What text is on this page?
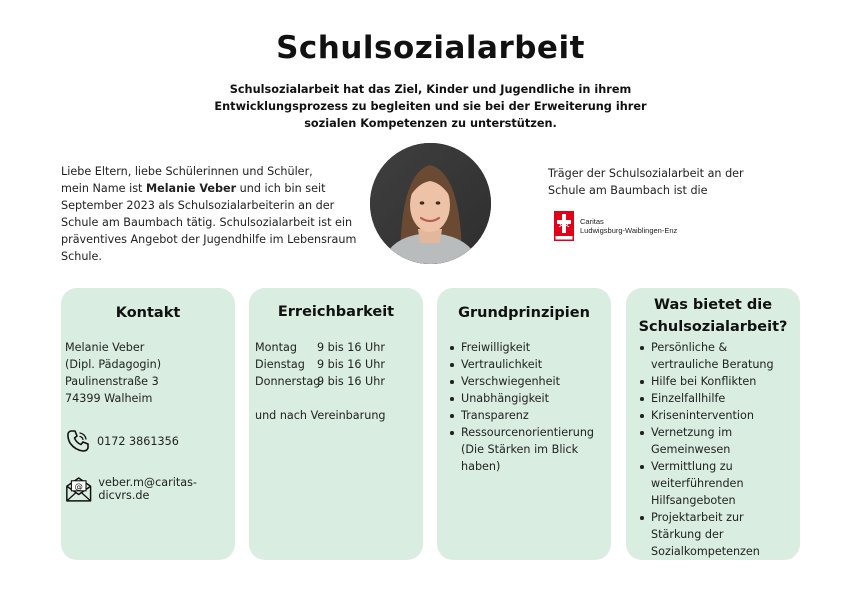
Schulsozialarbeit
Schulsozialarbeit hat das Ziel, Kinder und Jugendliche in ihrem Entwicklungsprozess zu begleiten und sie bei der Erweiterung ihrer sozialen Kompetenzen zu unterstützen.
Liebe Eltern, liebe Schülerinnen und Schüler,
mein Name ist Melanie Veber und ich bin seit September 2023 als Schulsozialarbeiterin an der Schule am Baumbach tätig. Schulsozialarbeit ist ein präventives Angebot der Jugendhilfe im Lebensraum Schule.
Träger der Schulsozialarbeit an der Schule am Baumbach ist die
Caritas
Ludwigsburg-Waiblingen-Enz
Kontakt
Melanie Veber
(Dipl. Pädagogin)
Paulinenstraße 3
74399 Walheim
0172 3861356
@ veber.m@caritas-dicvrs.de
Erreichbarkeit
Montag	9 bis 16 Uhr
Dienstag	9 bis 16 Uhr
Donnerstag
9 bis 16 Uhr
und nach Vereinbarung
Grundprinzipien
Freiwilligkeit
Vertraulichkeit
Verschwiegenheit
Unabhängigkeit
Transparenz
Ressourcenorientierung (Die Stärken im Blick haben)
Was bietet die Schulsozialarbeit?
Persönliche & vertrauliche Beratung
Hilfe bei Konflikten
Einzelfallhilfe
Krisenintervention
Vernetzung im Gemeinwesen
Vermittlung zu weiterführenden Hilfsangeboten
Projektarbeit zur Stärkung der Sozialkompetenzen
